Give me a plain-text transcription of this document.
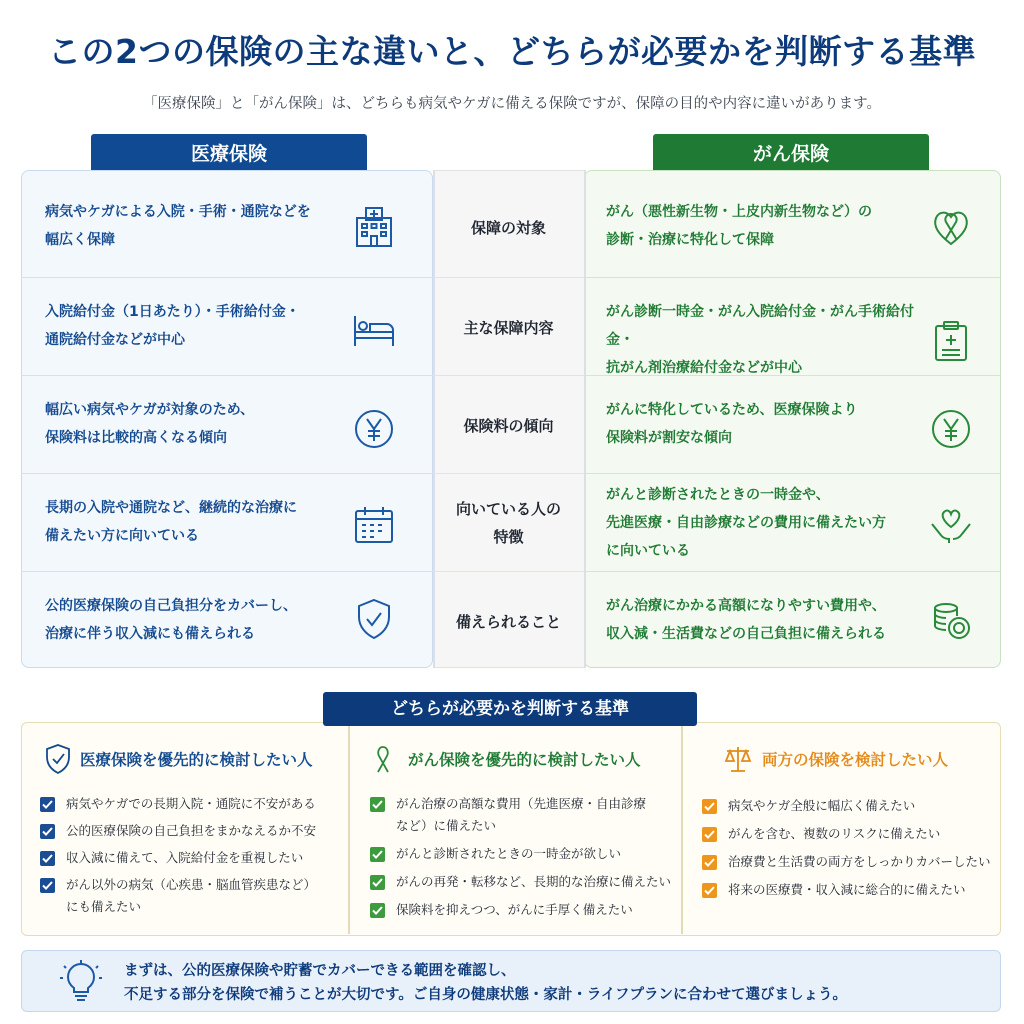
この2つの保険の主な違いと、どちらが必要かを判断する基準
「医療保険」と「がん保険」は、どちらも病気やケガに備える保険ですが、保障の目的や内容に違いがあります。
医療保険	がん保険
病気やケガによる入院・手術・通院などを
幅広く保障
保障の対象
がん（悪性新生物・上皮内新生物など）の
診断・治療に特化して保障
入院給付金（1日あたり）・手術給付金・
通院給付金などが中心
主な保障内容
がん診断一時金・がん入院給付金・がん手術給付金・
抗がん剤治療給付金などが中心
幅広い病気やケガが対象のため、
保険料は比較的高くなる傾向
保険料の傾向
がんに特化しているため、医療保険より
保険料が割安な傾向
長期の入院や通院など、継続的な治療に
備えたい方に向いている
向いている人の
特徴
がんと診断されたときの一時金や、
先進医療・自由診療などの費用に備えたい方
に向いている
公的医療保険の自己負担分をカバーし、
治療に伴う収入減にも備えられる
備えられること
がん治療にかかる高額になりやすい費用や、
収入減・生活費などの自己負担に備えられる
どちらが必要かを判断する基準
医療保険を優先的に検討したい人
病気やケガでの長期入院・通院に不安がある
公的医療保険の自己負担をまかなえるか不安
収入減に備えて、入院給付金を重視したい
がん以外の病気（心疾患・脳血管疾患など）
にも備えたい
がん保険を優先的に検討したい人
がん治療の高額な費用（先進医療・自由診療
など）に備えたい
がんと診断されたときの一時金が欲しい
がんの再発・転移など、長期的な治療に備えたい
保険料を抑えつつ、がんに手厚く備えたい
両方の保険を検討したい人
病気やケガ全般に幅広く備えたい
がんを含む、複数のリスクに備えたい
治療費と生活費の両方をしっかりカバーしたい
将来の医療費・収入減に総合的に備えたい
まずは、公的医療保険や貯蓄でカバーできる範囲を確認し、
不足する部分を保険で補うことが大切です。ご自身の健康状態・家計・ライフプランに合わせて選びましょう。
